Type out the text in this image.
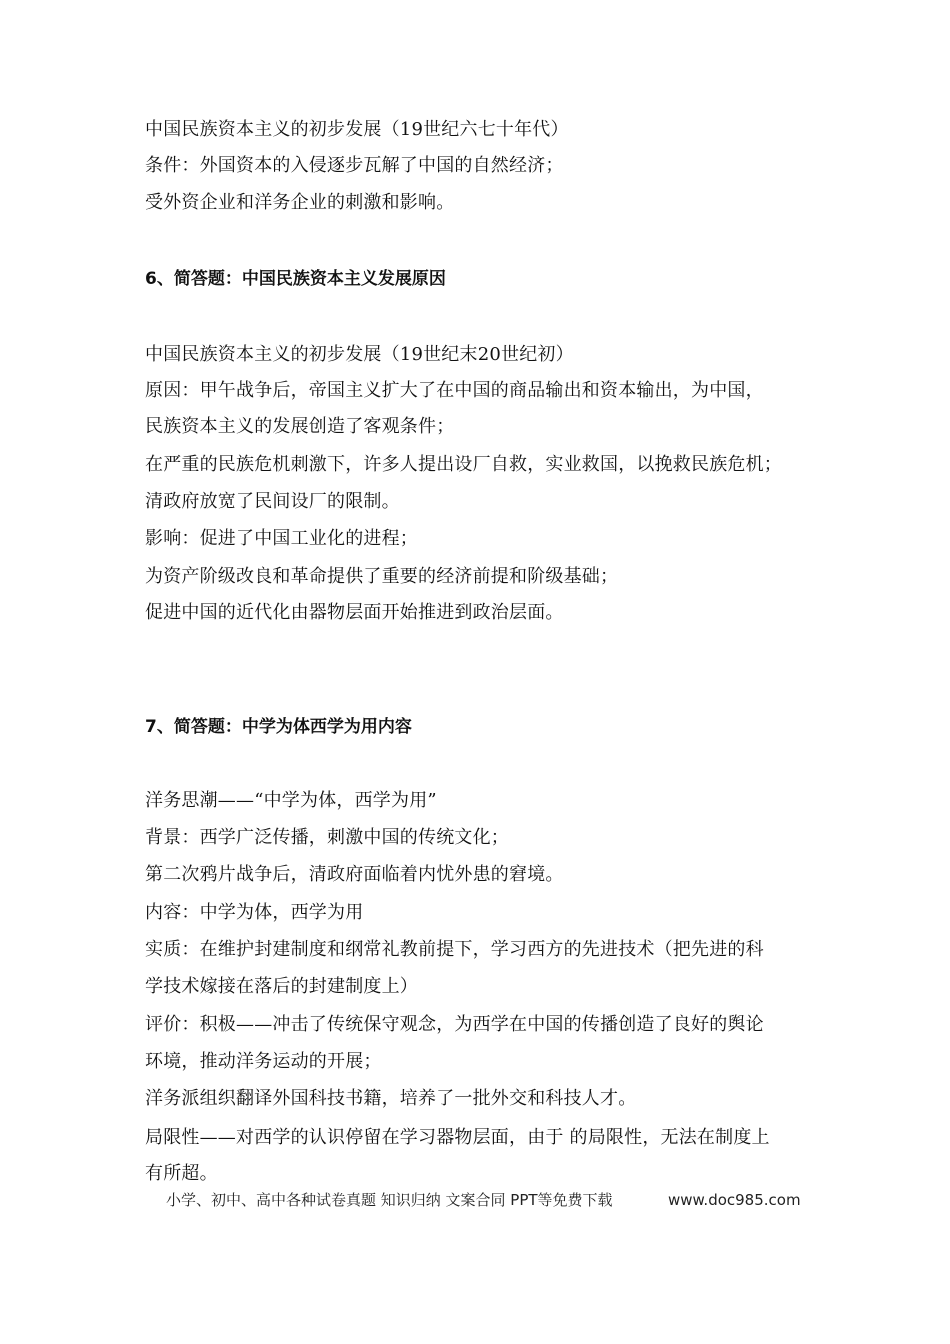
中国民族资本主义的初步发展（19世纪六七十年代）
条件：外国资本的入侵逐步瓦解了中国的自然经济；
受外资企业和洋务企业的刺激和影响。
6、简答题：中国民族资本主义发展原因
中国民族资本主义的初步发展（19世纪末20世纪初）
原因：甲午战争后，帝国主义扩大了在中国的商品输出和资本输出，为中国，
民族资本主义的发展创造了客观条件；
在严重的民族危机刺激下，许多人提出设厂自救，实业救国，以挽救民族危机；
清政府放宽了民间设厂的限制。
影响：促进了中国工业化的进程；
为资产阶级改良和革命提供了重要的经济前提和阶级基础；
促进中国的近代化由器物层面开始推进到政治层面。
7、简答题：中学为体西学为用内容
洋务思潮——“中学为体，西学为用”
背景：西学广泛传播，刺激中国的传统文化；
第二次鸦片战争后，清政府面临着内忧外患的窘境。
内容：中学为体，西学为用
实质：在维护封建制度和纲常礼教前提下，学习西方的先进技术（把先进的科
学技术嫁接在落后的封建制度上）
评价：积极——冲击了传统保守观念，为西学在中国的传播创造了良好的舆论
环境，推动洋务运动的开展；
洋务派组织翻译外国科技书籍，培养了一批外交和科技人才。
局限性——对西学的认识停留在学习器物层面，由于 的局限性，无法在制度上
有所超。
小学、初中、高中各种试卷真题 知识归纳 文案合同 PPT等免费下载	www.doc985.com
